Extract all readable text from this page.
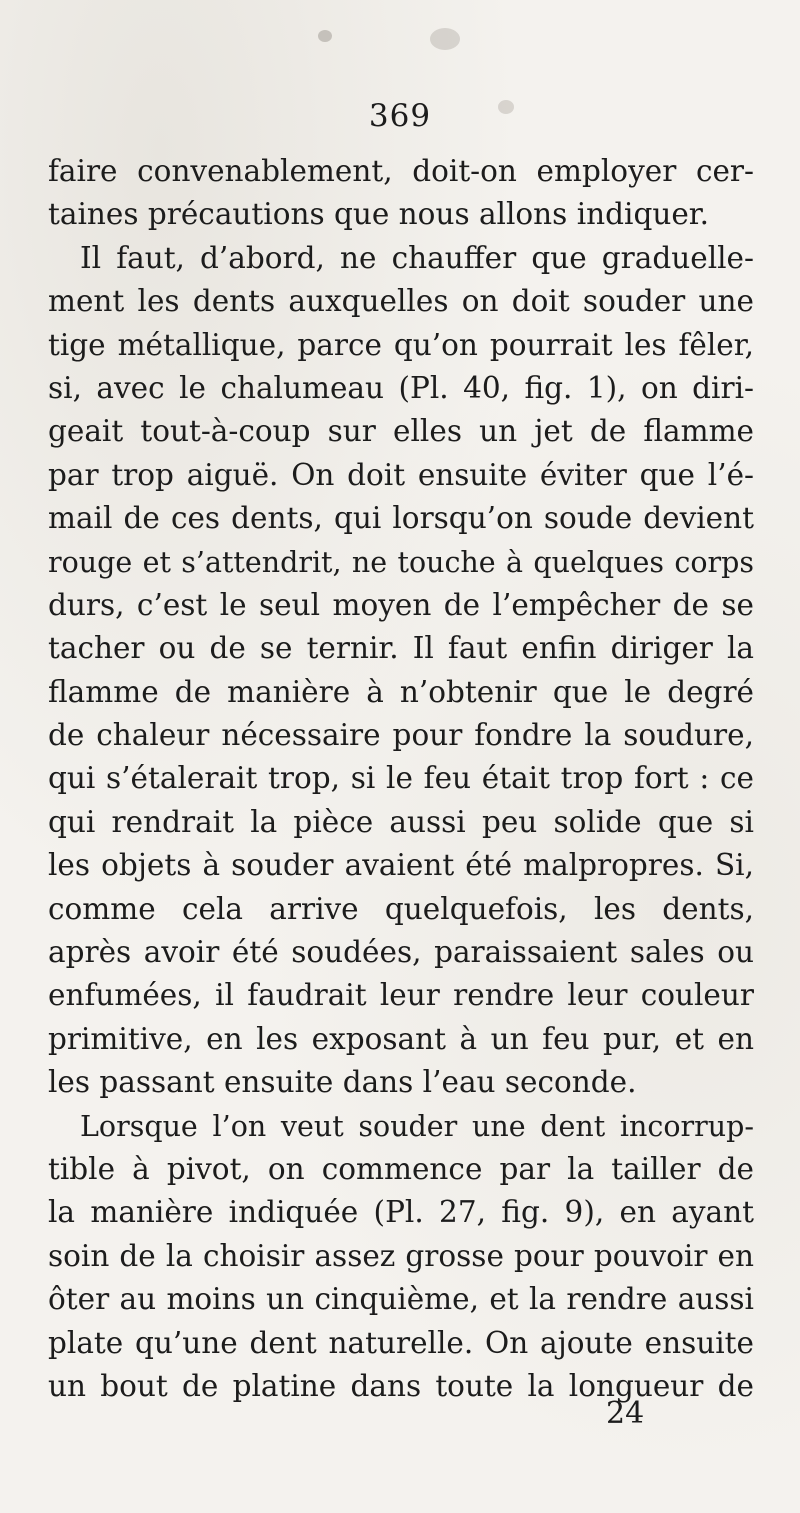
369
faire convenablement, doit-on employer cer-
taines précautions que nous allons indiquer.
Il faut, d’abord, ne chauffer que graduelle-
ment les dents auxquelles on doit souder une
tige métallique, parce qu’on pourrait les fêler,
si, avec le chalumeau (Pl. 40, fig. 1), on diri-
geait tout-à-coup sur elles un jet de flamme
par trop aiguë. On doit ensuite éviter que l’é-
mail de ces dents, qui lorsqu’on soude devient
rouge et s’attendrit, ne touche à quelques corps
durs, c’est le seul moyen de l’empêcher de se
tacher ou de se ternir. Il faut enfin diriger la
flamme de manière à n’obtenir que le degré
de chaleur nécessaire pour fondre la soudure,
qui s’étalerait trop, si le feu était trop fort : ce
qui rendrait la pièce aussi peu solide que si
les objets à souder avaient été malpropres. Si,
comme cela arrive quelquefois, les dents,
après avoir été soudées, paraissaient sales ou
enfumées, il faudrait leur rendre leur couleur
primitive, en les exposant à un feu pur, et en
les passant ensuite dans l’eau seconde.
Lorsque l’on veut souder une dent incorrup-
tible à pivot, on commence par la tailler de
la manière indiquée (Pl. 27, fig. 9), en ayant
soin de la choisir assez grosse pour pouvoir en
ôter au moins un cinquième, et la rendre aussi
plate qu’une dent naturelle. On ajoute ensuite
un bout de platine dans toute la longueur de
24
